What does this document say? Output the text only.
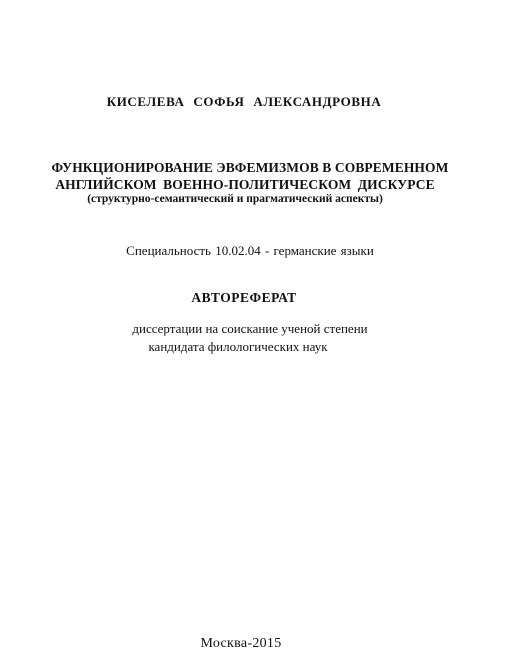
КИСЕЛЕВА СОФЬЯ АЛЕКСАНДРОВНА
ФУНКЦИОНИРОВАНИЕ ЭВФЕМИЗМОВ В СОВРЕМЕННОМ
АНГЛИЙСКОМ ВОЕННО-ПОЛИТИЧЕСКОМ ДИСКУРСЕ
(структурно-семантический и прагматический аспекты)
Специальность 10.02.04 - германские языки
АВТОРЕФЕРАТ
диссертации на соискание ученой степени
кандидата филологических наук
Москва-2015
